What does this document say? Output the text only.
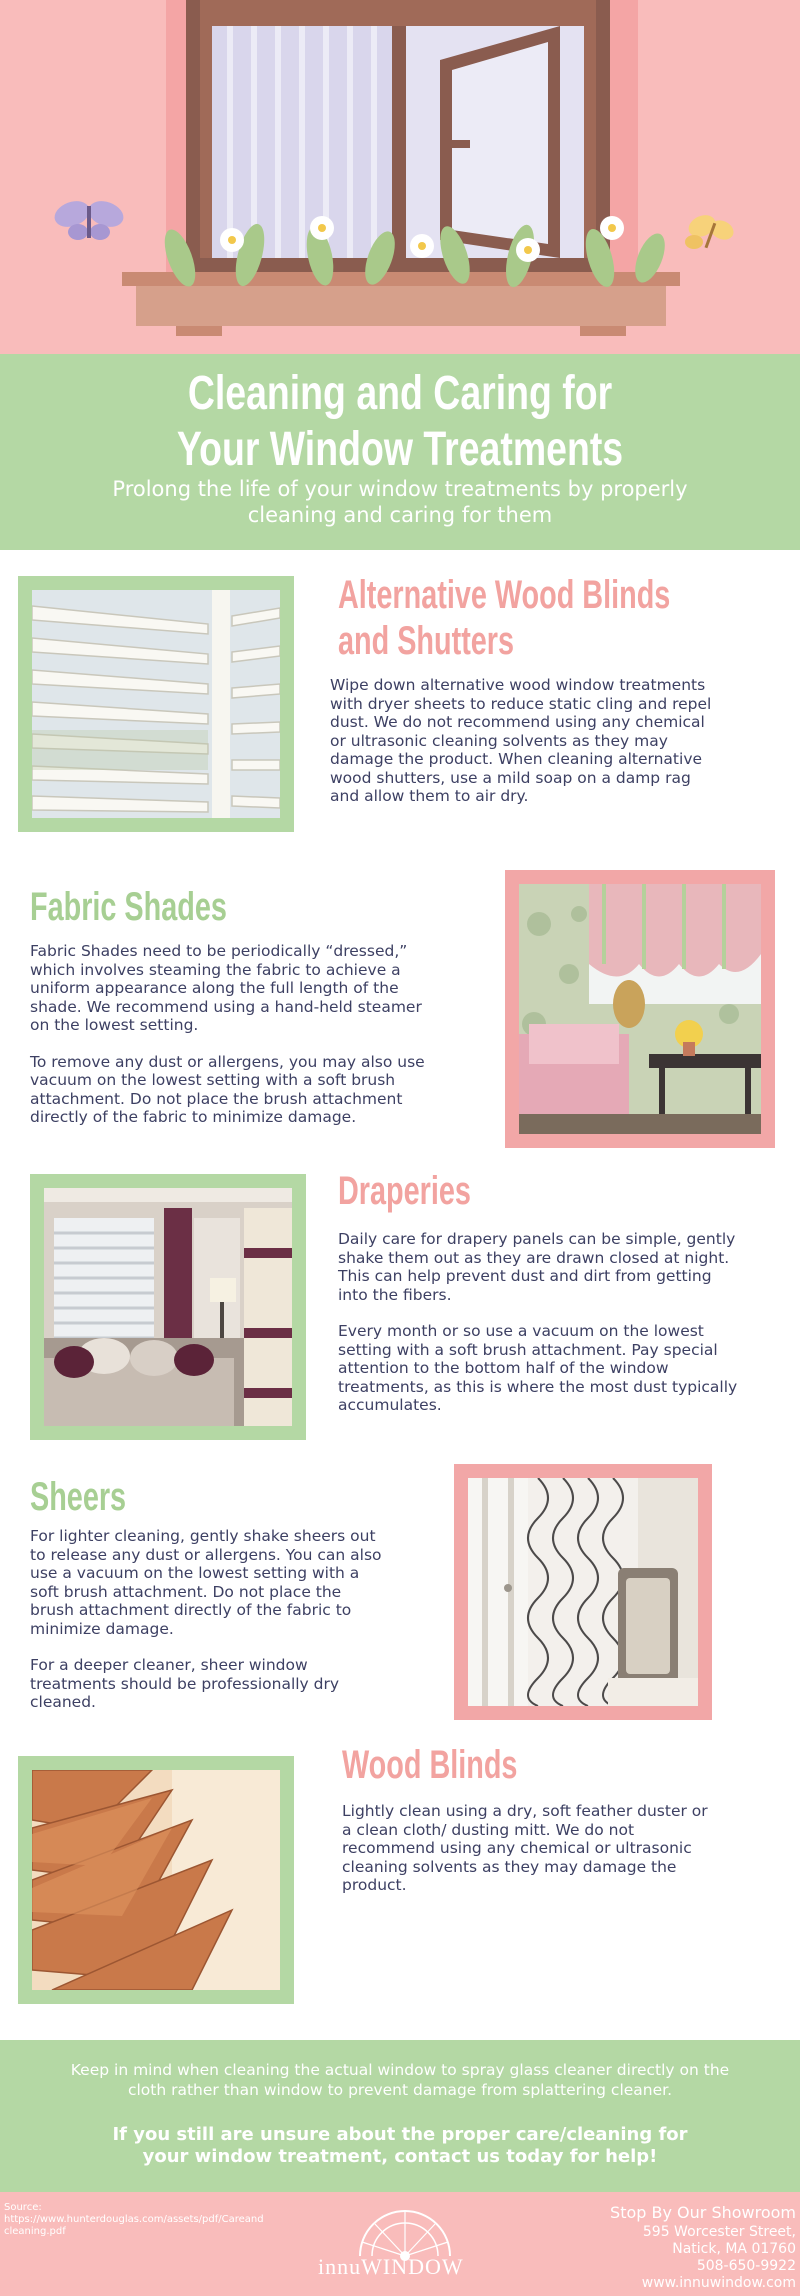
Cleaning and Caring for
Your Window Treatments

Prolong the life of your window treatments by properly cleaning and caring for them

Alternative Wood Blinds
and Shutters

Wipe down alternative wood window treatments with dryer sheets to reduce static cling and repel dust. We do not recommend using any chemical or ultrasonic cleaning solvents as they may damage the product. When cleaning alternative wood shutters, use a mild soap on a damp rag and allow them to air dry.

Fabric Shades

Fabric Shades need to be periodically “dressed,” which involves steaming the fabric to achieve a uniform appearance along the full length of the shade. We recommend using a hand-held steamer on the lowest setting.

To remove any dust or allergens, you may also use vacuum on the lowest setting with a soft brush attachment. Do not place the brush attachment directly of the fabric to minimize damage.

Draperies

Daily care for drapery panels can be simple, gently shake them out as they are drawn closed at night. This can help prevent dust and dirt from getting into the fibers.

Every month or so use a vacuum on the lowest setting with a soft brush attachment. Pay special attention to the bottom half of the window treatments, as this is where the most dust typically accumulates.

Sheers

For lighter cleaning, gently shake sheers out to release any dust or allergens. You can also use a vacuum on the lowest setting with a soft brush attachment. Do not place the brush attachment directly of the fabric to minimize damage.

For a deeper cleaner, sheer window treatments should be professionally dry cleaned.

Wood Blinds

Lightly clean using a dry, soft feather duster or a clean cloth/ dusting mitt. We do not recommend using any chemical or ultrasonic cleaning solvents as they may damage the product.

Keep in mind when cleaning the actual window to spray glass cleaner directly on the cloth rather than window to prevent damage from splattering cleaner.

If you still are unsure about the proper care/cleaning for your window treatment, contact us today for help!

Source:
https://www.hunterdouglas.com/assets/pdf/Careandcleaning.pdf
innuWINDOW
Stop By Our Showroom
595 Worcester Street,
Natick, MA 01760
508-650-9922
www.innuwindow.com
